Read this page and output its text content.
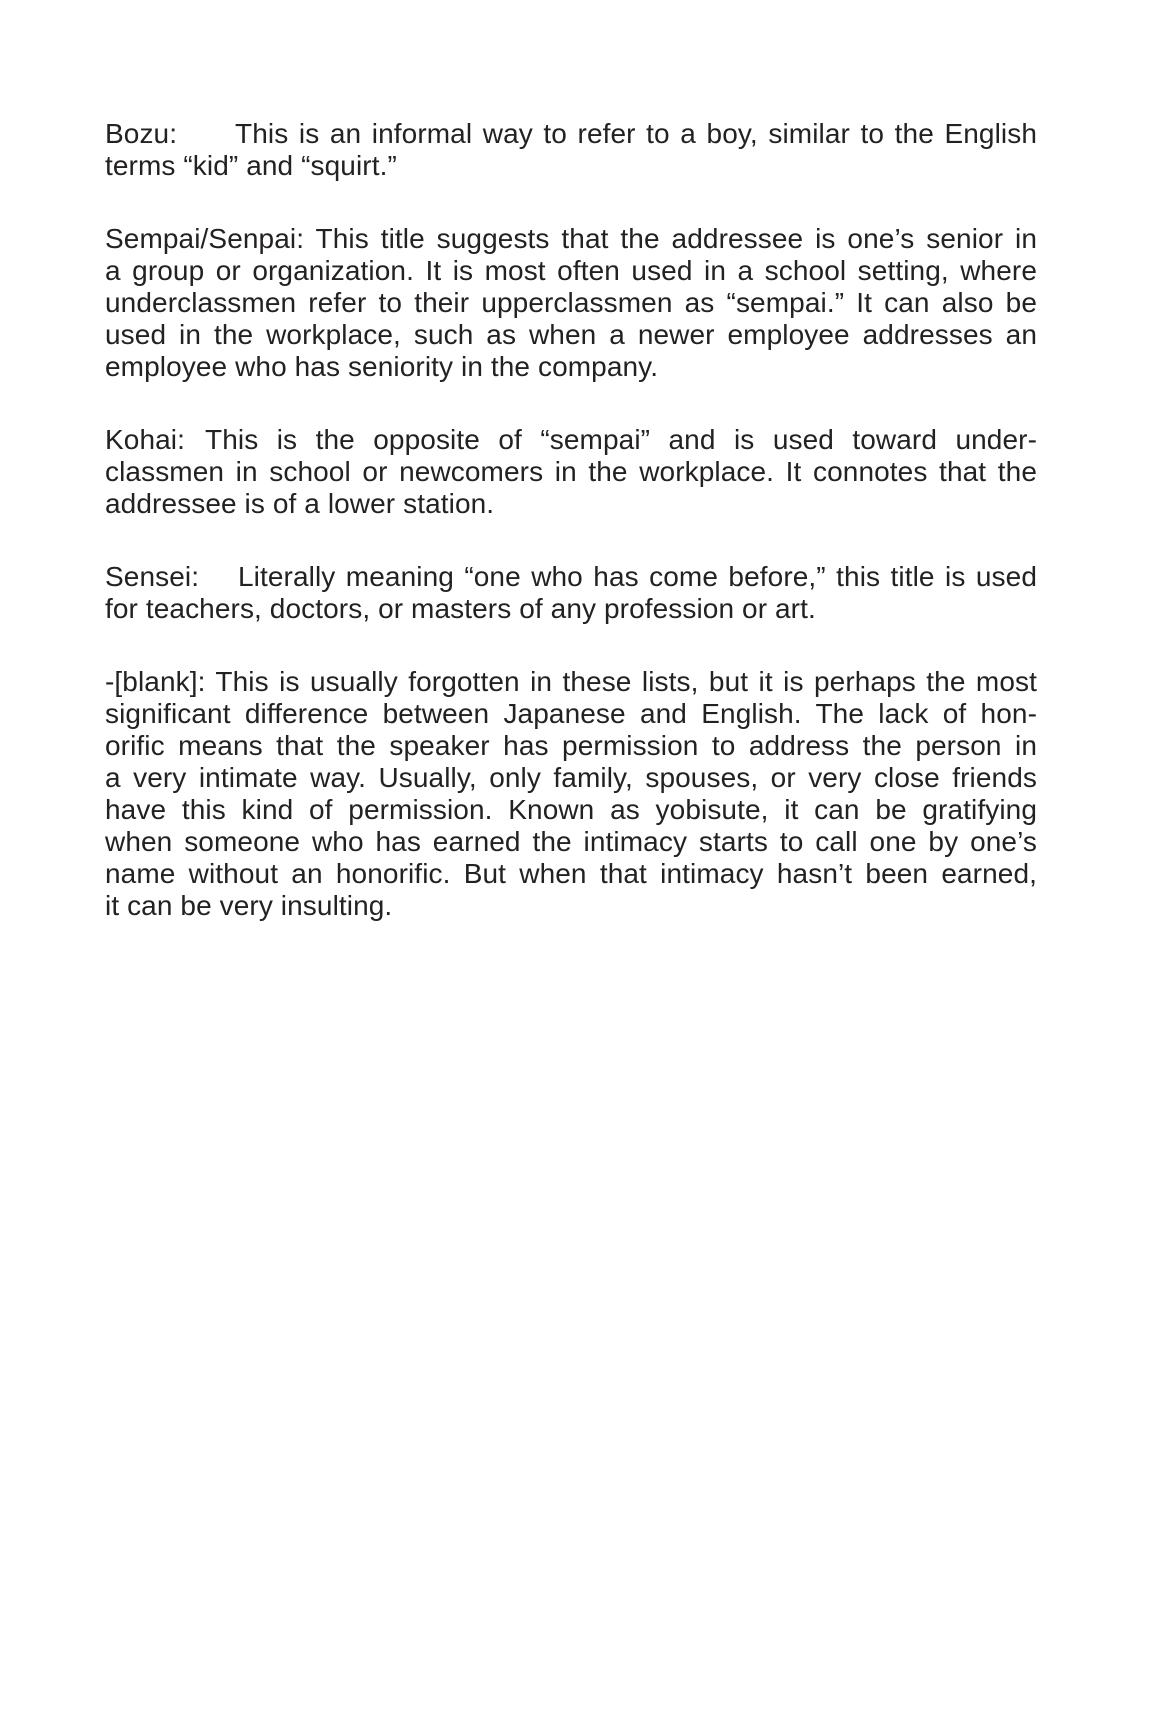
Bozu: This is an informal way to refer to a boy, similar to the English
terms “kid” and “squirt.”
Sempai/Senpai: This title suggests that the addressee is one’s senior in
a group or organization. It is most often used in a school setting, where
underclassmen refer to their upperclassmen as “sempai.” It can also be
used in the workplace, such as when a newer employee addresses an
employee who has seniority in the company.
Kohai: This is the opposite of “sempai” and is used toward under-
classmen in school or newcomers in the workplace. It connotes that the
addressee is of a lower station.
Sensei: Literally meaning “one who has come before,” this title is used
for teachers, doctors, or masters of any profession or art.
-[blank]: This is usually forgotten in these lists, but it is perhaps the most
significant difference between Japanese and English. The lack of hon-
orific means that the speaker has permission to address the person in
a very intimate way. Usually, only family, spouses, or very close friends
have this kind of permission. Known as yobisute, it can be gratifying
when someone who has earned the intimacy starts to call one by one’s
name without an honorific. But when that intimacy hasn’t been earned,
it can be very insulting.
